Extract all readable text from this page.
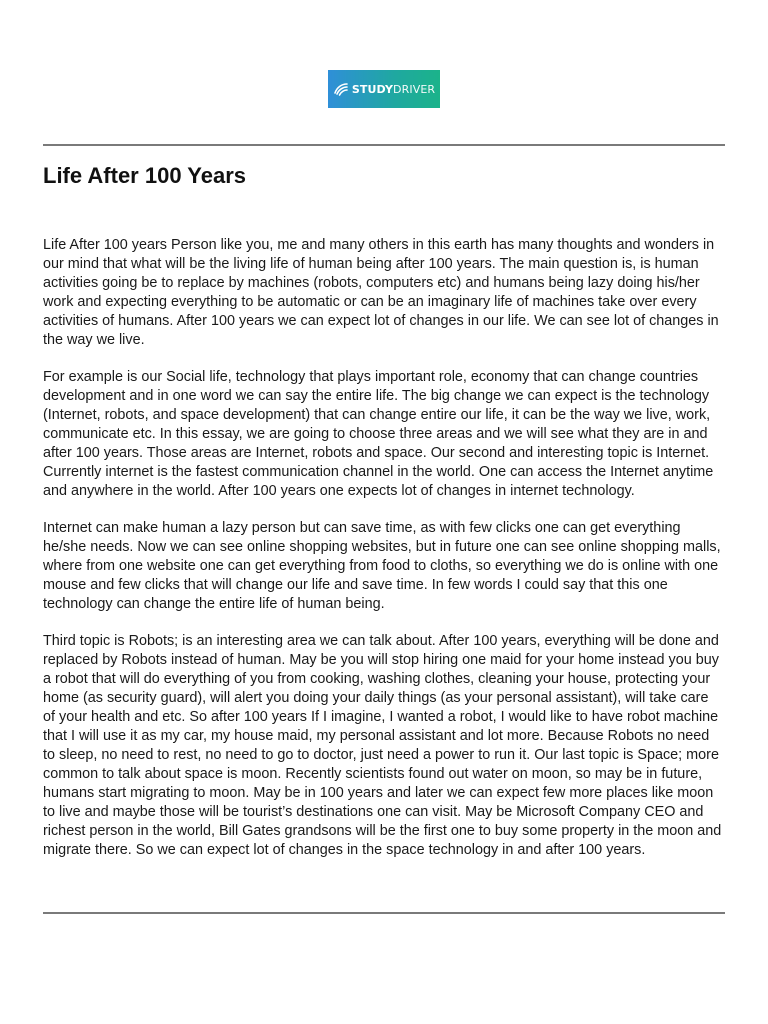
STUDYDRIVER
Life After 100 Years

Life After 100 years Person like you, me and many others in this earth has many thoughts and wonders in our mind that what will be the living life of human being after 100 years. The main question is, is human activities going be to replace by machines (robots, computers etc) and humans being lazy doing his/her work and expecting everything to be automatic or can be an imaginary life of machines take over every activities of humans. After 100 years we can expect lot of changes in our life. We can see lot of changes in the way we live.

For example is our Social life, technology that plays important role, economy that can change countries development and in one word we can say the entire life. The big change we can expect is the technology (Internet, robots, and space development) that can change entire our life, it can be the way we live, work, communicate etc. In this essay, we are going to choose three areas and we will see what they are in and after 100 years. Those areas are Internet, robots and space. Our second and interesting topic is Internet. Currently internet is the fastest communication channel in the world. One can access the Internet anytime and anywhere in the world. After 100 years one expects lot of changes in internet technology.

Internet can make human a lazy person but can save time, as with few clicks one can get everything he/she needs. Now we can see online shopping websites, but in future one can see online shopping malls, where from one website one can get everything from food to cloths, so everything we do is online with one mouse and few clicks that will change our life and save time. In few words I could say that this one technology can change the entire life of human being.

Third topic is Robots; is an interesting area we can talk about. After 100 years, everything will be done and replaced by Robots instead of human. May be you will stop hiring one maid for your home instead you buy a robot that will do everything of you from cooking, washing clothes, cleaning your house, protecting your home (as security guard), will alert you doing your daily things (as your personal assistant), will take care of your health and etc. So after 100 years If I imagine, I wanted a robot, I would like to have robot machine that I will use it as my car, my house maid, my personal assistant and lot more. Because Robots no need to sleep, no need to rest, no need to go to doctor, just need a power to run it. Our last topic is Space; more common to talk about space is moon. Recently scientists found out water on moon, so may be in future, humans start migrating to moon. May be in 100 years and later we can expect few more places like moon to live and maybe those will be tourist’s destinations one can visit. May be Microsoft Company CEO and richest person in the world, Bill Gates grandsons will be the first one to buy some property in the moon and migrate there. So we can expect lot of changes in the space technology in and after 100 years.
